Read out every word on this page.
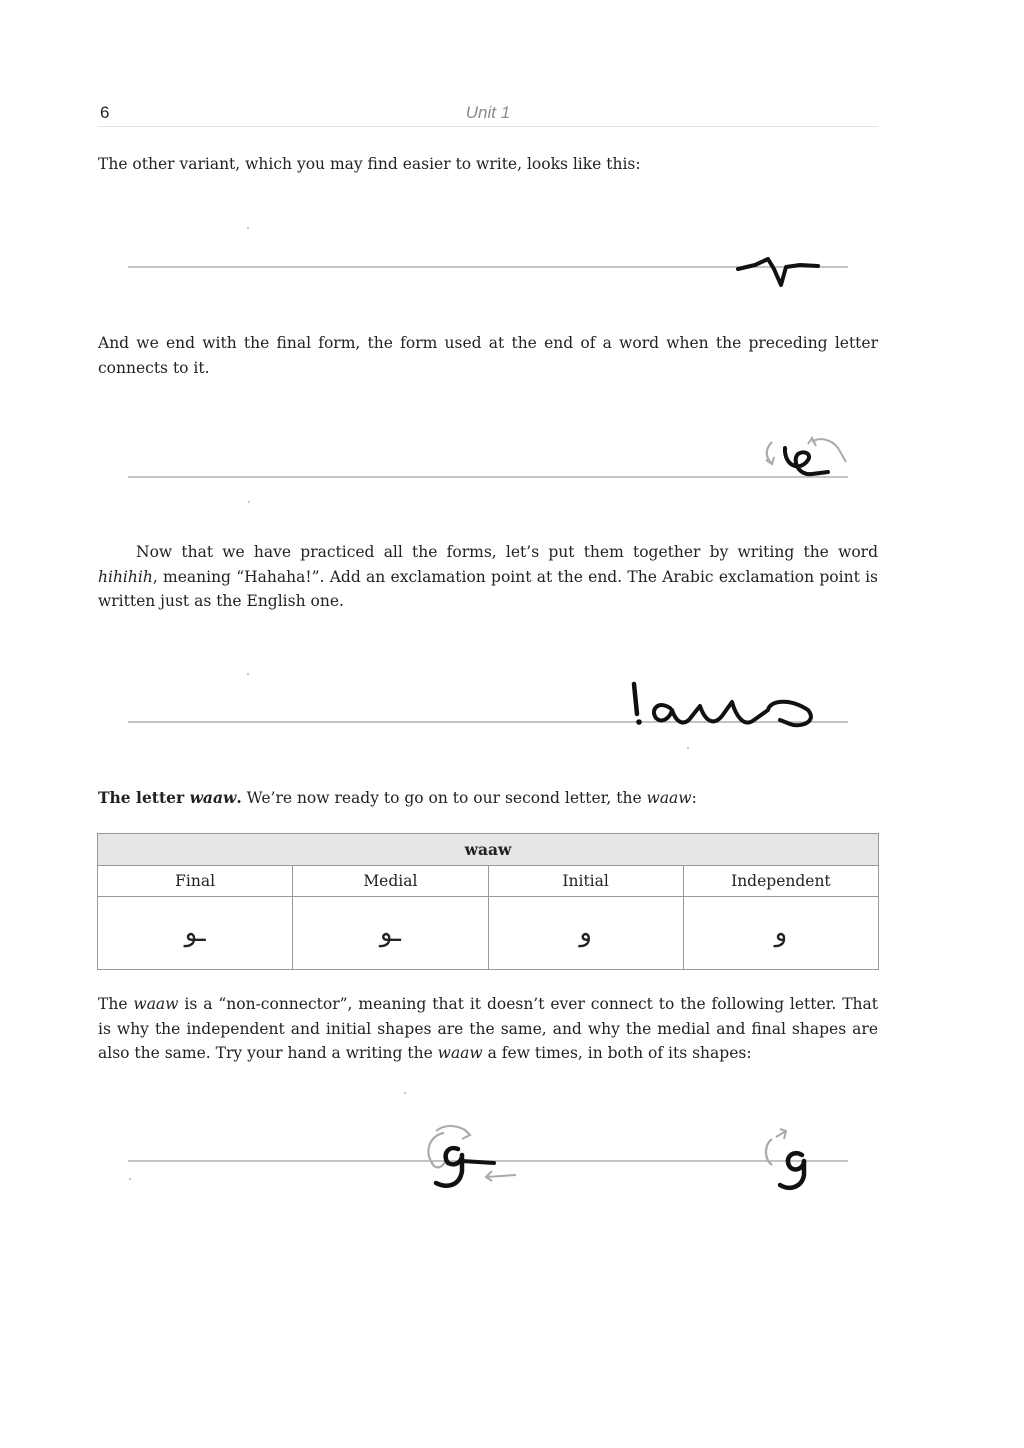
6	Unit 1

The other variant, which you may find easier to write, looks like this:

And we end with the final form, the form used at the end of a word when the preceding letter connects to it.

Now that we have practiced all the forms, let’s put them together by writing the word hihihih, meaning “Hahaha!”. Add an exclamation point at the end. The Arabic exclamation point is written just as the English one.

The letter waaw. We’re now ready to go on to our second letter, the waaw:

waaw			
Final	Medial	Initial	Independent
ـو	ـو	و	و

The waaw is a “non-connector”, meaning that it doesn’t ever connect to the following letter. That is why the independent and initial shapes are the same, and why the medial and final shapes are also the same. Try your hand a writing the waaw a few times, in both of its shapes:
